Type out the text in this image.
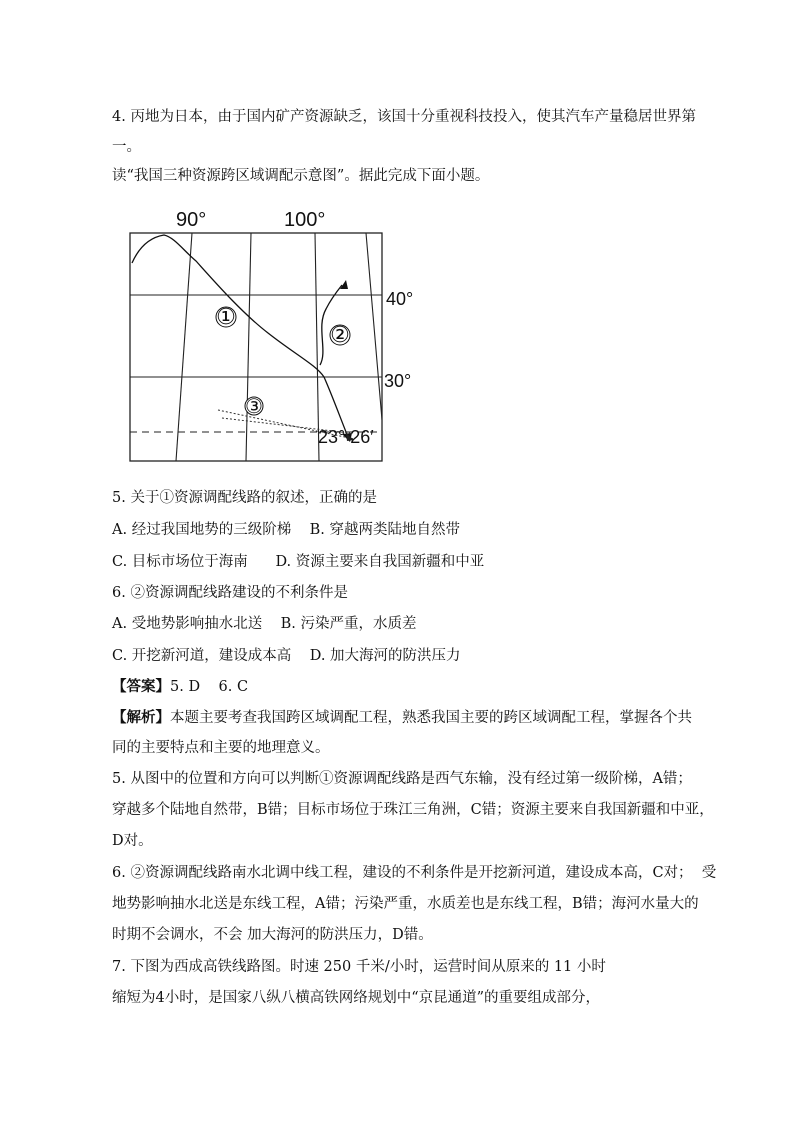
4. 丙地为日本，由于国内矿产资源缺乏，该国十分重视科技投入，使其汽车产量稳居世界第
一。
读“我国三种资源跨区域调配示意图”。据此完成下面小题。
①
②
③
90°	100°
40°
30°
23° 26′
5. 关于①资源调配线路的叙述，正确的是
A. 经过我国地势的三级阶梯    B. 穿越两类陆地自然带
C. 目标市场位于海南      D. 资源主要来自我国新疆和中亚
6. ②资源调配线路建设的不利条件是
A. 受地势影响抽水北送    B. 污染严重，水质差
C. 开挖新河道，建设成本高    D. 加大海河的防洪压力
【答案】5. D    6. C
【解析】本题主要考查我国跨区域调配工程，熟悉我国主要的跨区域调配工程，掌握各个共
同的主要特点和主要的地理意义。
5. 从图中的位置和方向可以判断①资源调配线路是西气东输，没有经过第一级阶梯，A错；
穿越多个陆地自然带，B错；目标市场位于珠江三角洲，C错；资源主要来自我国新疆和中亚，
D对。
6. ②资源调配线路南水北调中线工程，建设的不利条件是开挖新河道，建设成本高，C对；  受
地势影响抽水北送是东线工程，A错；污染严重，水质差也是东线工程，B错；海河水量大的
时期不会调水，不会 加大海河的防洪压力，D错。
7. 下图为西成高铁线路图。时速 250 千米/小时，运营时间从原来的 11 小时
缩短为4小时，是国家八纵八横高铁网络规划中“京昆通道”的重要组成部分，
